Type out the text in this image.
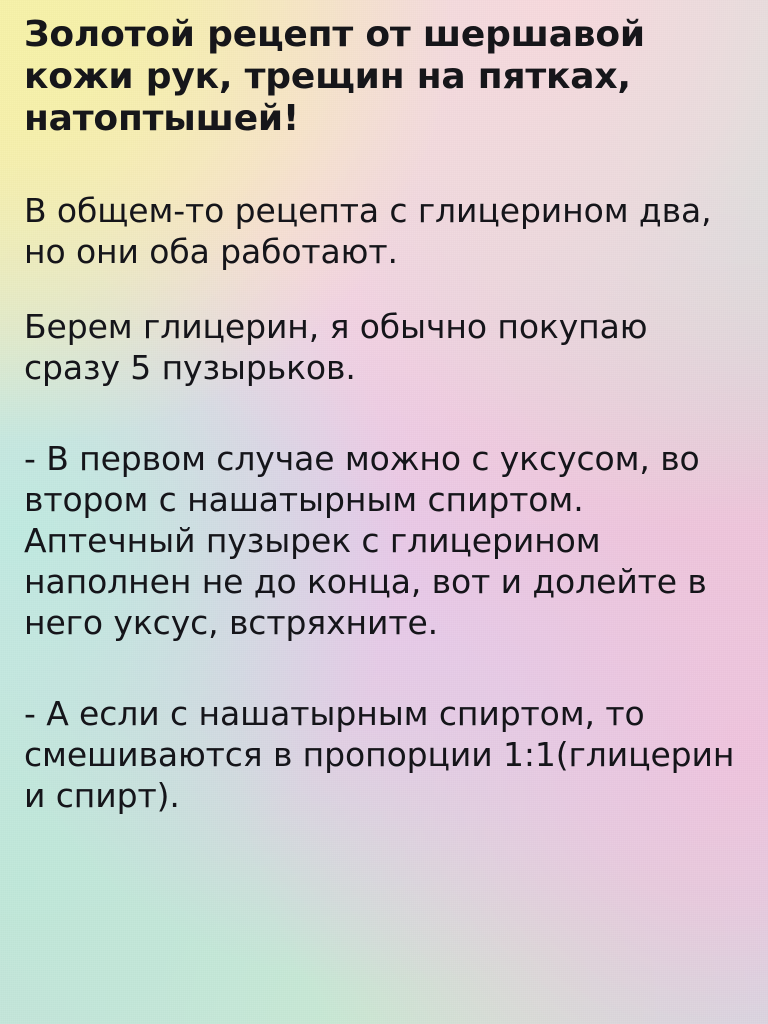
Золотой рецепт от шершавой кожи рук, трещин на пятках, натоптышей!

В общем-то рецепта с глицерином два, но они оба работают.

Берем глицерин, я обычно покупаю сразу 5 пузырьков.

- В первом случае можно с уксусом, во втором с нашатырным спиртом. Аптечный пузырек с глицерином наполнен не до конца, вот и долейте в него уксус, встряхните.

- А если с нашатырным спиртом, то смешиваются в пропорции 1:1(глицерин и спирт).
